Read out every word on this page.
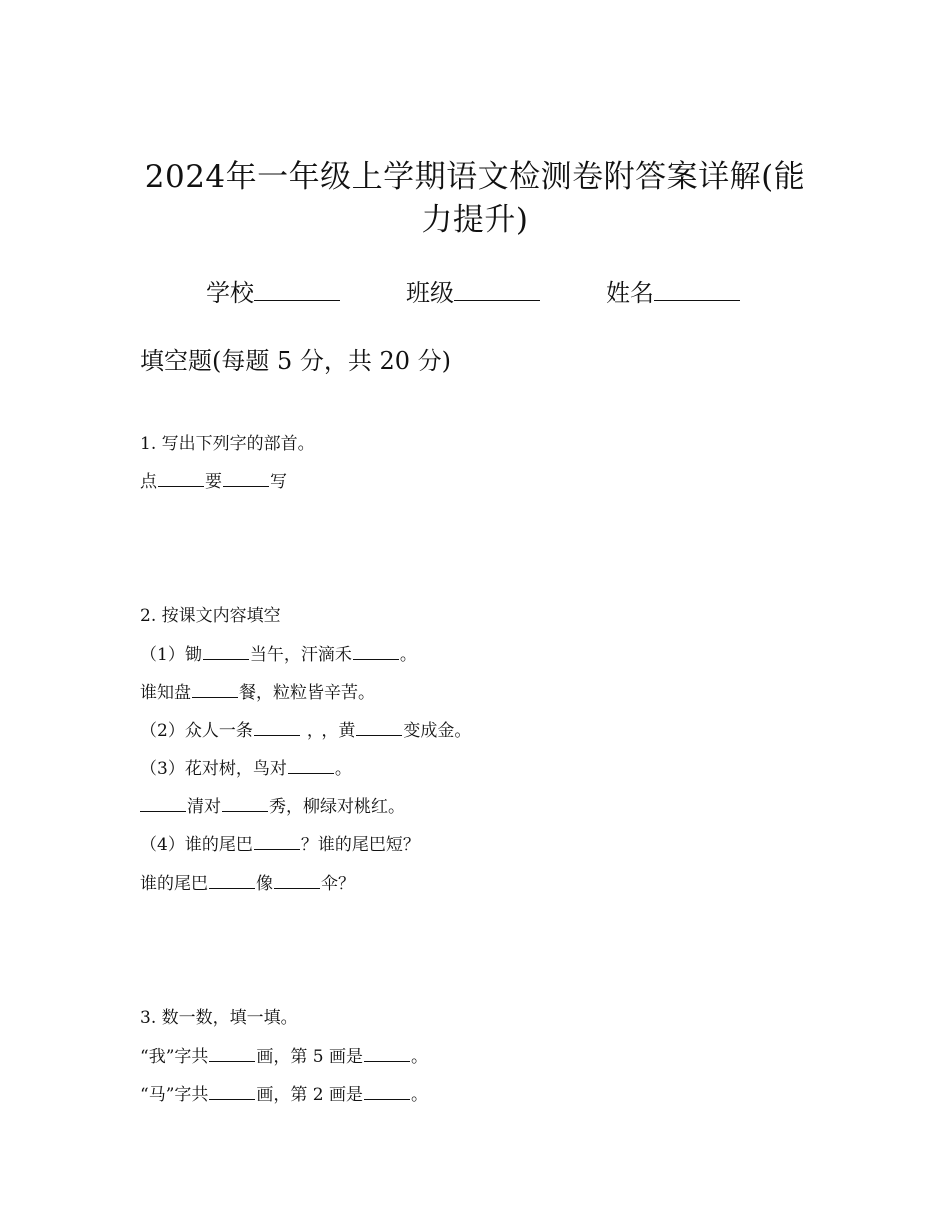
2024年一年级上学期语文检测卷附答案详解(能
力提升)
学校	班级	姓名
填空题(每题 5 分，共 20 分)
1. 写出下列字的部首。
点	要	写
2. 按课文内容填空
（1）锄	当午，汗滴禾	。
谁知盘	餐，粒粒皆辛苦。
（2）众人一条	， ，黄	变成金。
（3）花对树，鸟对	。
清对	秀，柳绿对桃红。
（4）谁的尾巴	？谁的尾巴短？
谁的尾巴	像	伞？
3. 数一数，填一填。
“我”字共	画，第 5 画是	。
“马”字共	画，第 2 画是	。
